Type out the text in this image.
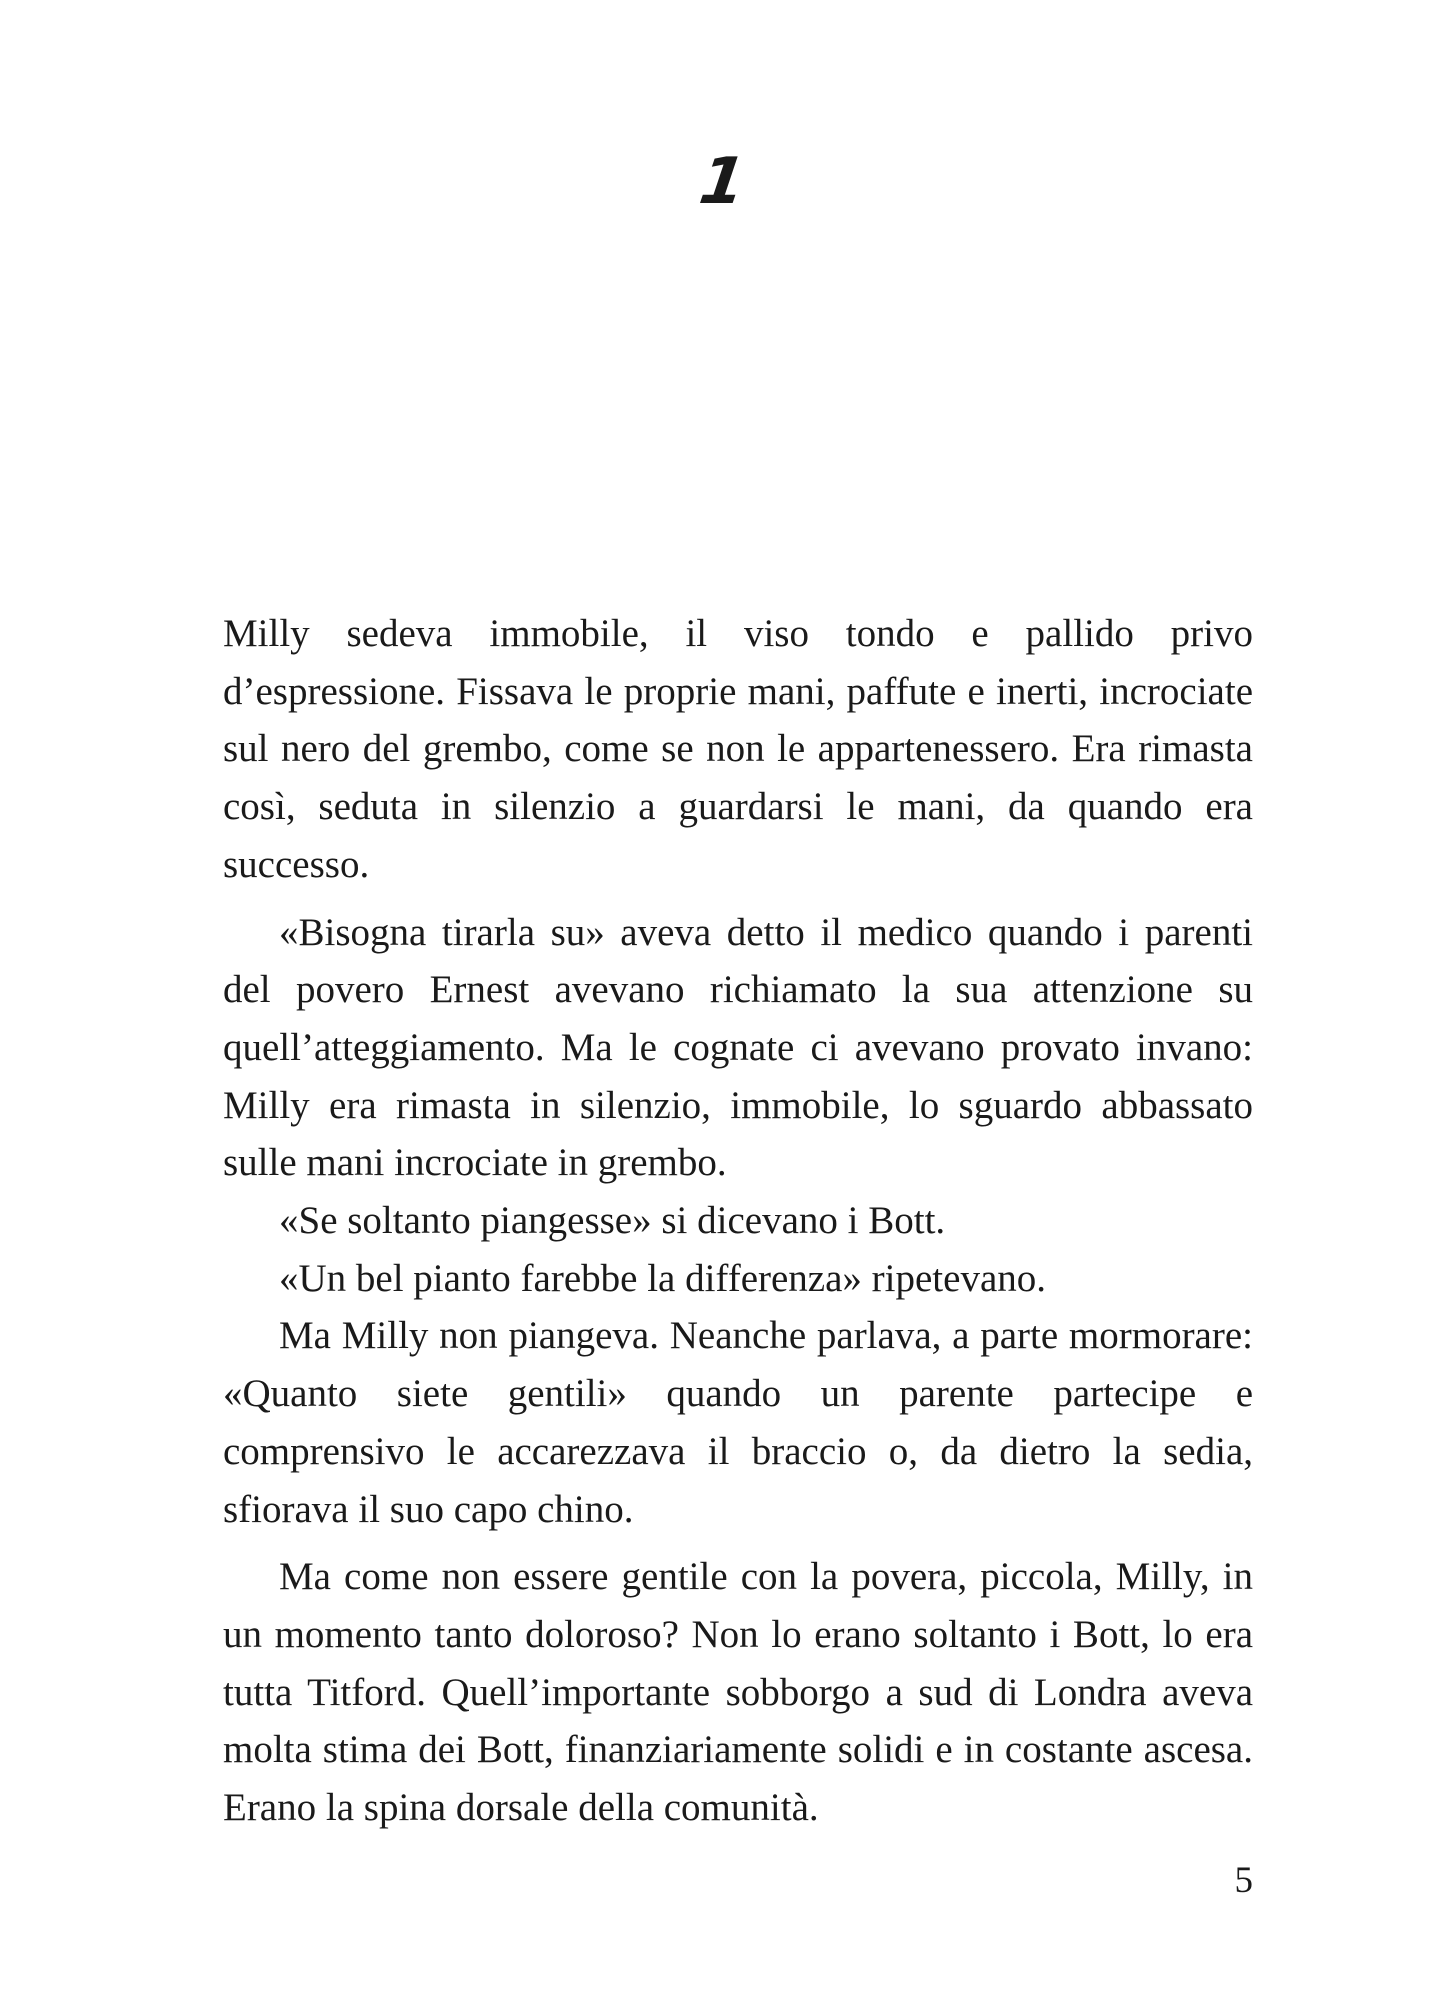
1

Milly sedeva immobile, il viso tondo e pallido privo d’espressione. Fissava le proprie mani, paffute e inerti, incrociate sul nero del grembo, come se non le appartenessero. Era rimasta così, seduta in silenzio a guardarsi le mani, da quando era successo.

«Bisogna tirarla su» aveva detto il medico quando i parenti del povero Ernest avevano richiamato la sua attenzione su quell’atteggiamento. Ma le cognate ci avevano provato invano: Milly era rimasta in silenzio, immobile, lo sguardo abbassato sulle mani incrociate in grembo.

«Se soltanto piangesse» si dicevano i Bott.

«Un bel pianto farebbe la differenza» ripetevano.

Ma Milly non piangeva. Neanche parlava, a parte mormorare: «Quanto siete gentili» quando un parente partecipe e comprensivo le accarezzava il braccio o, da dietro la sedia, sfiorava il suo capo chino.

Ma come non essere gentile con la povera, piccola, Milly, in un momento tanto doloroso? Non lo erano soltanto i Bott, lo era tutta Titford. Quell’importante sobborgo a sud di Londra aveva molta stima dei Bott, finanziariamente solidi e in costante ascesa. Erano la spina dorsale della comunità.

5
